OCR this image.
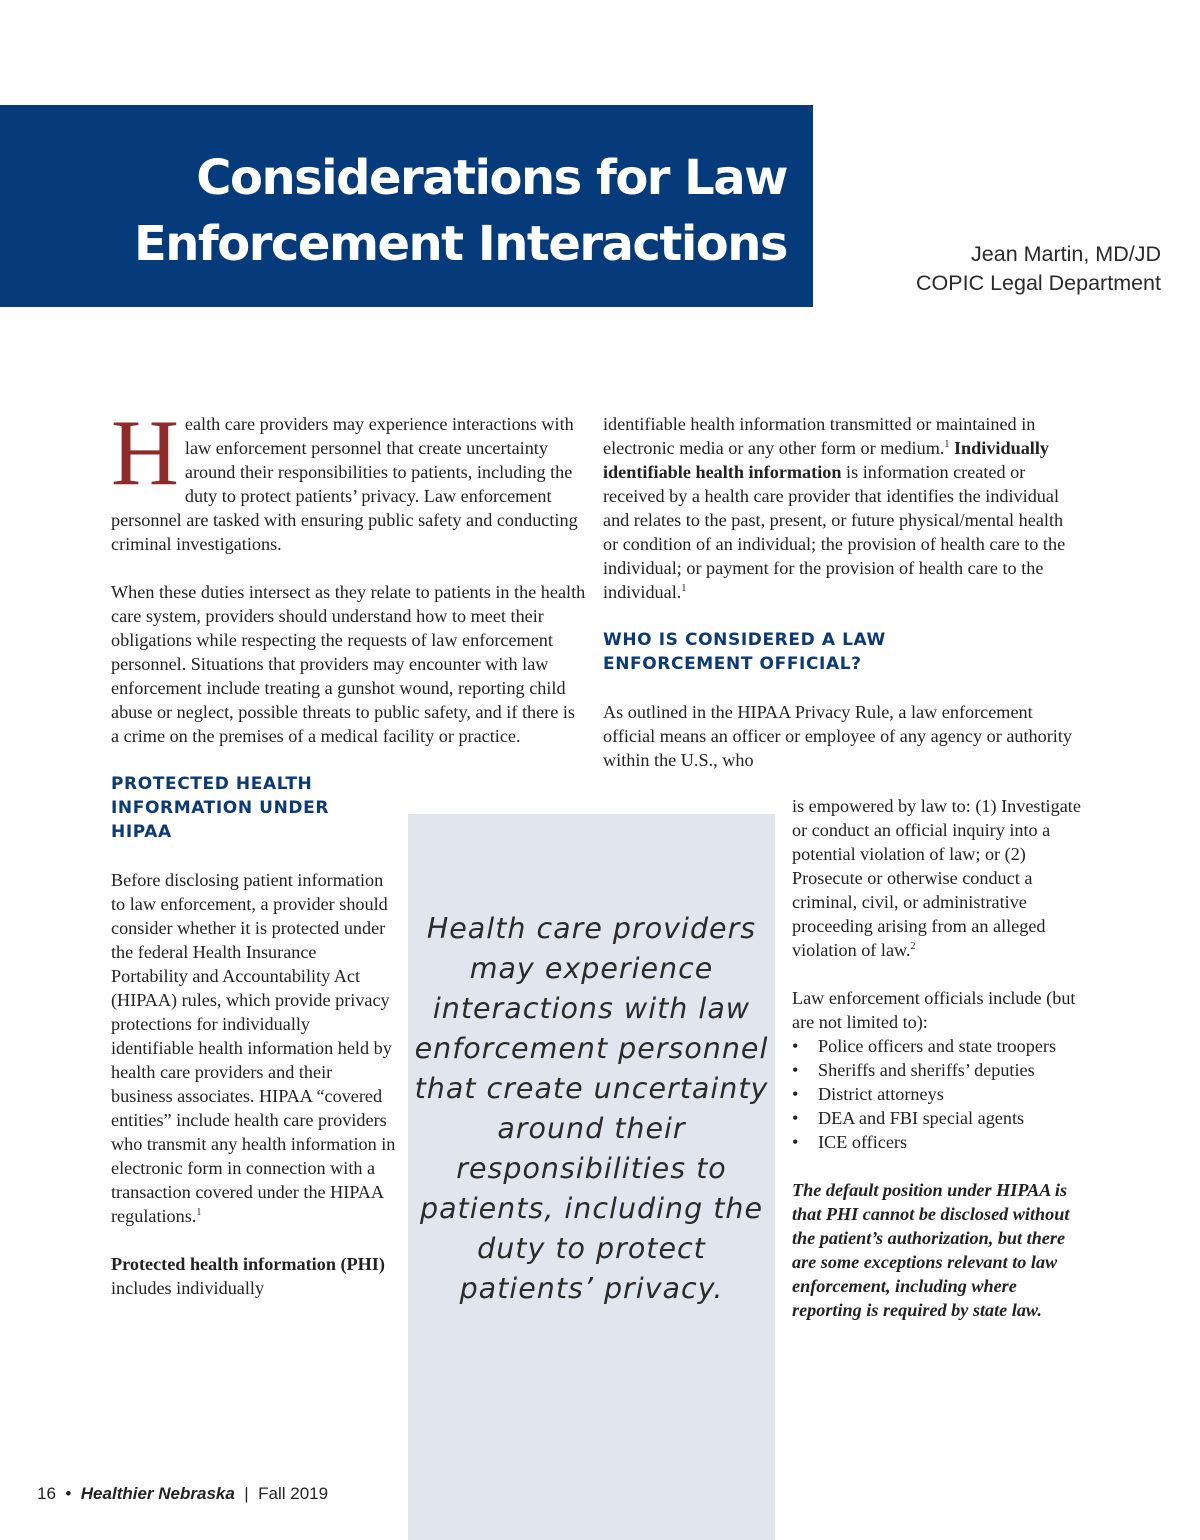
Considerations for Law
Enforcement Interactions	Jean Martin, MD/JD
COPIC Legal Department

Health care providers may experience interactions with law enforcement personnel that create uncertainty around their responsibilities to patients, including the duty to protect patients’ privacy.

Health care providers may experience interactions with law enforcement personnel that create uncertainty around their responsibilities to patients, including the duty to protect patients’ privacy. Law enforcement personnel are tasked with ensuring public safety and conducting criminal investigations.

When these duties intersect as they relate to patients in the health care system, providers should understand how to meet their obligations while respecting the requests of law enforcement personnel. Situations that providers may encounter with law enforcement include treating a gunshot wound, reporting child abuse or neglect, possible threats to public safety, and if there is a crime on the premises of a medical facility or practice.

PROTECTED HEALTH
INFORMATION UNDER
HIPAA

Before disclosing patient information to law enforcement, a provider should consider whether it is protected under the federal Health Insurance Portability and Accountability Act (HIPAA) rules, which provide privacy protections for individually identifiable health information held by health care providers and their business associates. HIPAA “covered entities” include health care providers who transmit any health information in electronic form in connection with a transaction covered under the HIPAA regulations.$^1$

Protected health information (PHI) includes individually

identifiable health information transmitted or maintained in electronic media or any other form or medium.$^1$ Individually identifiable health information is information created or received by a health care provider that identifies the individual and relates to the past, present, or future physical/mental health or condition of an individual; the provision of health care to the individual; or payment for the provision of health care to the individual.$^1$

WHO IS CONSIDERED A LAW
ENFORCEMENT OFFICIAL?

As outlined in the HIPAA Privacy Rule, a law enforcement official means an officer or employee of any agency or authority within the U.S., who

is empowered by law to: (1) Investigate or conduct an official inquiry into a potential violation of law; or (2) Prosecute or otherwise conduct a criminal, civil, or administrative proceeding arising from an alleged violation of law.$^2$

Law enforcement officials include (but are not limited to):

• Police officers and state troopers
• Sheriffs and sheriffs’ deputies
• District attorneys
• DEA and FBI special agents
• ICE officers

The default position under HIPAA is that PHI cannot be disclosed without the patient’s authorization, but there are some exceptions relevant to law enforcement, including where reporting is required by state law.

16 • Healthier Nebraska | Fall 2019
